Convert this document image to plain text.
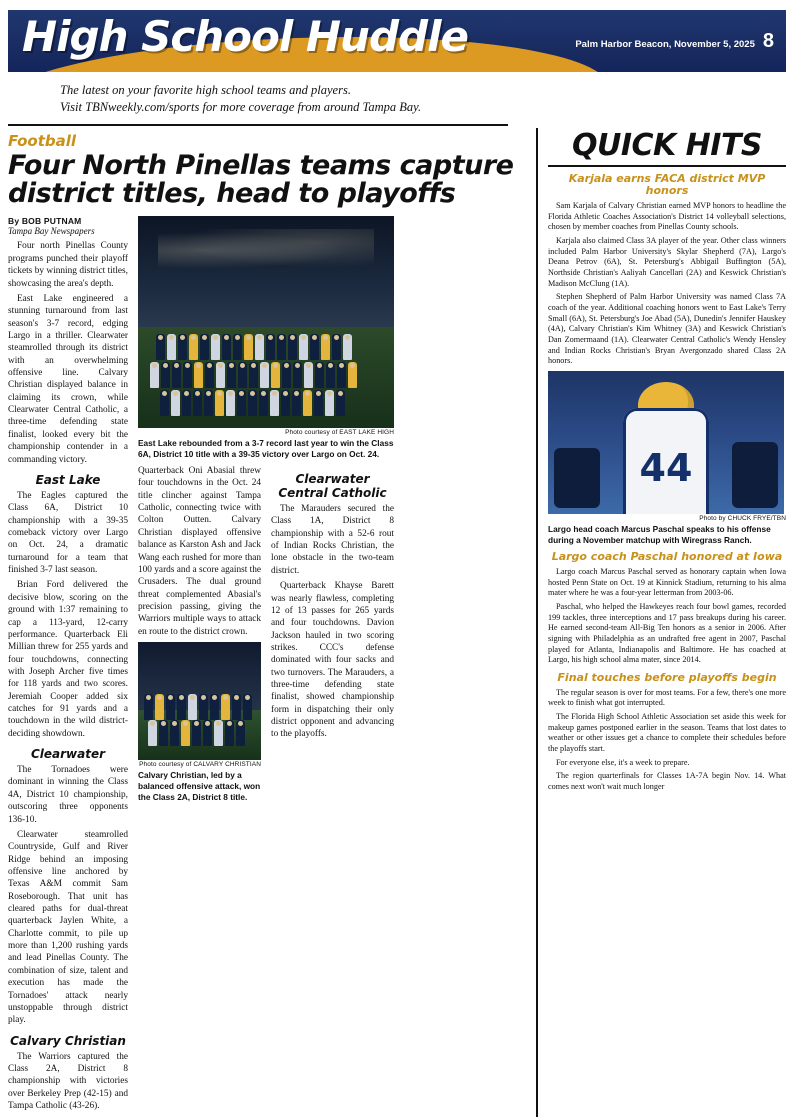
High School Huddle	Palm Harbor Beacon, November 5, 2025 8
The latest on your favorite high school teams and players.
Visit TBNweekly.com/sports for more coverage from around Tampa Bay.
Football
Four North Pinellas teams capture district titles, head to playoffs
By BOB PUTNAM
Tampa Bay Newspapers

Four north Pinellas County programs punched their playoff tickets by winning district titles, showcasing the area's depth.

East Lake engineered a stunning turnaround from last season's 3-7 record, edging Largo in a thriller. Clearwater steamrolled through its district with an overwhelming offensive line. Calvary Christian displayed balance in claiming its crown, while Clearwater Central Catholic, a three-time defending state finalist, looked every bit the championship contender in a commanding victory.

East Lake

The Eagles captured the Class 6A, District 10 championship with a 39-35 comeback victory over Largo on Oct. 24, a dramatic turnaround for a team that finished 3-7 last season.

Brian Ford delivered the decisive blow, scoring on the ground with 1:37 remaining to cap a 113-yard, 12-carry performance. Quarterback Eli Millian threw for 255 yards and four touchdowns, connecting with Joseph Archer five times for 118 yards and two scores. Jeremiah Cooper added six catches for 91 yards and a touchdown in the wild district-deciding showdown.

Clearwater

The Tornadoes were dominant in winning the Class 4A, District 10 championship, outscoring three opponents 136-10.

Clearwater steamrolled Countryside, Gulf and River Ridge behind an imposing offensive line anchored by Texas A&M commit Sam Roseborough. That unit has cleared paths for dual-threat quarterback Jaylen White, a Charlotte commit, to pile up more than 1,200 rushing yards and lead Pinellas County. The combination of size, talent and execution has made the Tornadoes' attack nearly unstoppable through district play.

Calvary Christian

The Warriors captured the Class 2A, District 8 championship with victories over Berkeley Prep (42-15) and Tampa Catholic (43-26).

Photo courtesy of EAST LAKE HIGH
East Lake rebounded from a 3-7 record last year to win the Class 6A, District 10 title with a 39-35 victory over Largo on Oct. 24.

Quarterback Oni Abasial threw four touchdowns in the Oct. 24 title clincher against Tampa Catholic, connecting twice with Colton Outten. Calvary Christian displayed offensive balance as Karston Ash and Jack Wang each rushed for more than 100 yards and a score against the Crusaders. The dual ground threat complemented Abasial's precision passing, giving the Warriors multiple ways to attack en route to the district crown.

Photo courtesy of CALVARY CHRISTIAN
Calvary Christian, led by a balanced offensive attack, won the Class 2A, District 8 title.

Clearwater Central Catholic

The Marauders secured the Class 1A, District 8 championship with a 52-6 rout of Indian Rocks Christian, the lone obstacle in the two-team district.

Quarterback Khayse Barett was nearly flawless, completing 12 of 13 passes for 265 yards and four touchdowns. Davion Jackson hauled in two scoring strikes. CCC's defense dominated with four sacks and two turnovers. The Marauders, a three-time defending state finalist, showed championship form in dispatching their only district opponent and advancing to the playoffs.

QUICK HITS
Karjala earns FACA district MVP honors

Sam Karjala of Calvary Christian earned MVP honors to headline the Florida Athletic Coaches Association's District 14 volleyball selections, chosen by member coaches from Pinellas County schools.

Karjala also claimed Class 3A player of the year. Other class winners included Palm Harbor University's Skylar Shepherd (7A), Largo's Deana Petrov (6A), St. Petersburg's Abbigail Buffington (5A), Northside Christian's Aaliyah Cancellari (2A) and Keswick Christian's Madison McClung (1A).

Stephen Shepherd of Palm Harbor University was named Class 7A coach of the year. Additional coaching honors went to East Lake's Terry Small (6A), St. Petersburg's Joe Abad (5A), Dunedin's Jennifer Hauskey (4A), Calvary Christian's Kim Whitney (3A) and Keswick Christian's Dan Zomermaand (1A). Clearwater Central Catholic's Wendy Hensley and Indian Rocks Christian's Bryan Avergonzado shared Class 2A honors.

44
Photo by CHUCK FRYE/TBN
Largo head coach Marcus Paschal speaks to his offense during a November matchup with Wiregrass Ranch.
Largo coach Paschal honored at Iowa

Largo coach Marcus Paschal served as honorary captain when Iowa hosted Penn State on Oct. 19 at Kinnick Stadium, returning to his alma mater where he was a four-year letterman from 2003-06.

Paschal, who helped the Hawkeyes reach four bowl games, recorded 199 tackles, three interceptions and 17 pass breakups during his career. He earned second-team All-Big Ten honors as a senior in 2006. After signing with Philadelphia as an undrafted free agent in 2007, Paschal played for Atlanta, Indianapolis and Baltimore. He has coached at Largo, his high school alma mater, since 2014.

Final touches before playoffs begin

The regular season is over for most teams. For a few, there's one more week to finish what got interrupted.

The Florida High School Athletic Association set aside this week for makeup games postponed earlier in the season. Teams that lost dates to weather or other issues get a chance to complete their schedules before the playoffs start.

For everyone else, it's a week to prepare.

The region quarterfinals for Classes 1A-7A begin Nov. 14. What comes next won't wait much longer
